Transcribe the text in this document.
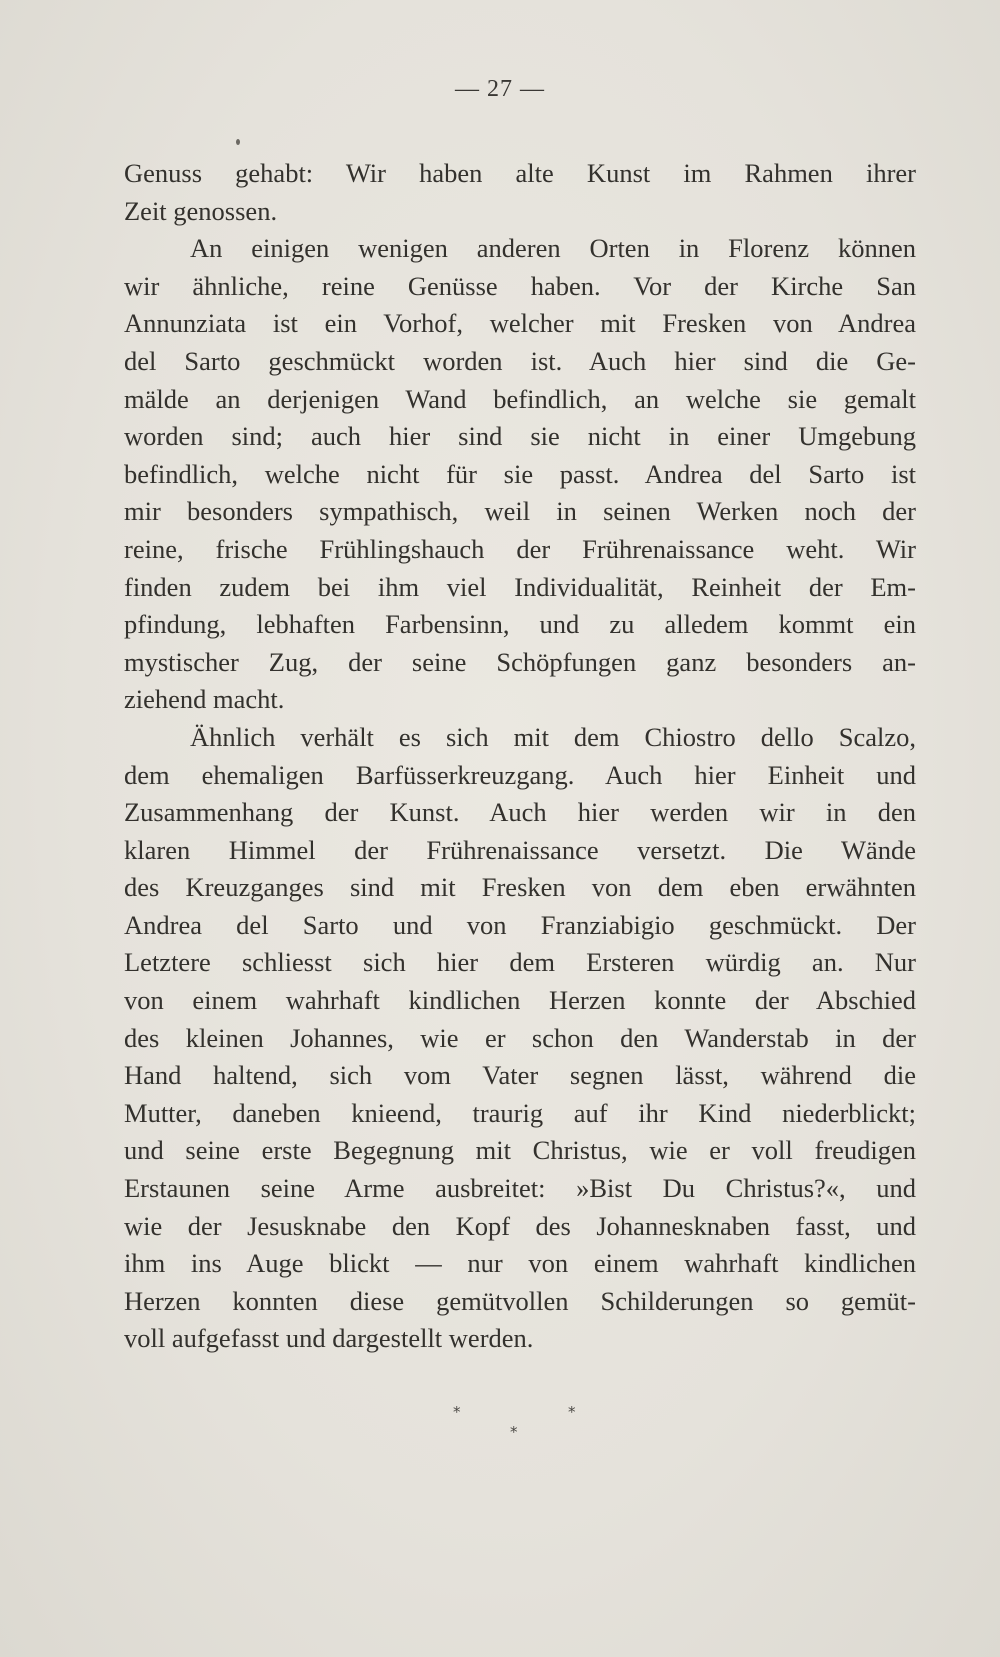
— 27 —
Genuss gehabt: Wir haben alte Kunst im Rahmen ihrer
Zeit genossen.
An einigen wenigen anderen Orten in Florenz können
wir ähnliche, reine Genüsse haben. Vor der Kirche San
Annunziata ist ein Vorhof, welcher mit Fresken von Andrea
del Sarto geschmückt worden ist. Auch hier sind die Ge-
mälde an derjenigen Wand befindlich, an welche sie gemalt
worden sind; auch hier sind sie nicht in einer Umgebung
befindlich, welche nicht für sie passt. Andrea del Sarto ist
mir besonders sympathisch, weil in seinen Werken noch der
reine, frische Frühlingshauch der Frührenaissance weht. Wir
finden zudem bei ihm viel Individualität, Reinheit der Em-
pfindung, lebhaften Farbensinn, und zu alledem kommt ein
mystischer Zug, der seine Schöpfungen ganz besonders an-
ziehend macht.
Ähnlich verhält es sich mit dem Chiostro dello Scalzo,
dem ehemaligen Barfüsserkreuzgang. Auch hier Einheit und
Zusammenhang der Kunst. Auch hier werden wir in den
klaren Himmel der Frührenaissance versetzt. Die Wände
des Kreuzganges sind mit Fresken von dem eben erwähnten
Andrea del Sarto und von Franziabigio geschmückt. Der
Letztere schliesst sich hier dem Ersteren würdig an. Nur
von einem wahrhaft kindlichen Herzen konnte der Abschied
des kleinen Johannes, wie er schon den Wanderstab in der
Hand haltend, sich vom Vater segnen lässt, während die
Mutter, daneben knieend, traurig auf ihr Kind niederblickt;
und seine erste Begegnung mit Christus, wie er voll freudigen
Erstaunen seine Arme ausbreitet: »Bist Du Christus?«, und
wie der Jesusknabe den Kopf des Johannesknaben fasst, und
ihm ins Auge blickt — nur von einem wahrhaft kindlichen
Herzen konnten diese gemütvollen Schilderungen so gemüt-
voll aufgefasst und dargestellt werden.
*	*
*
